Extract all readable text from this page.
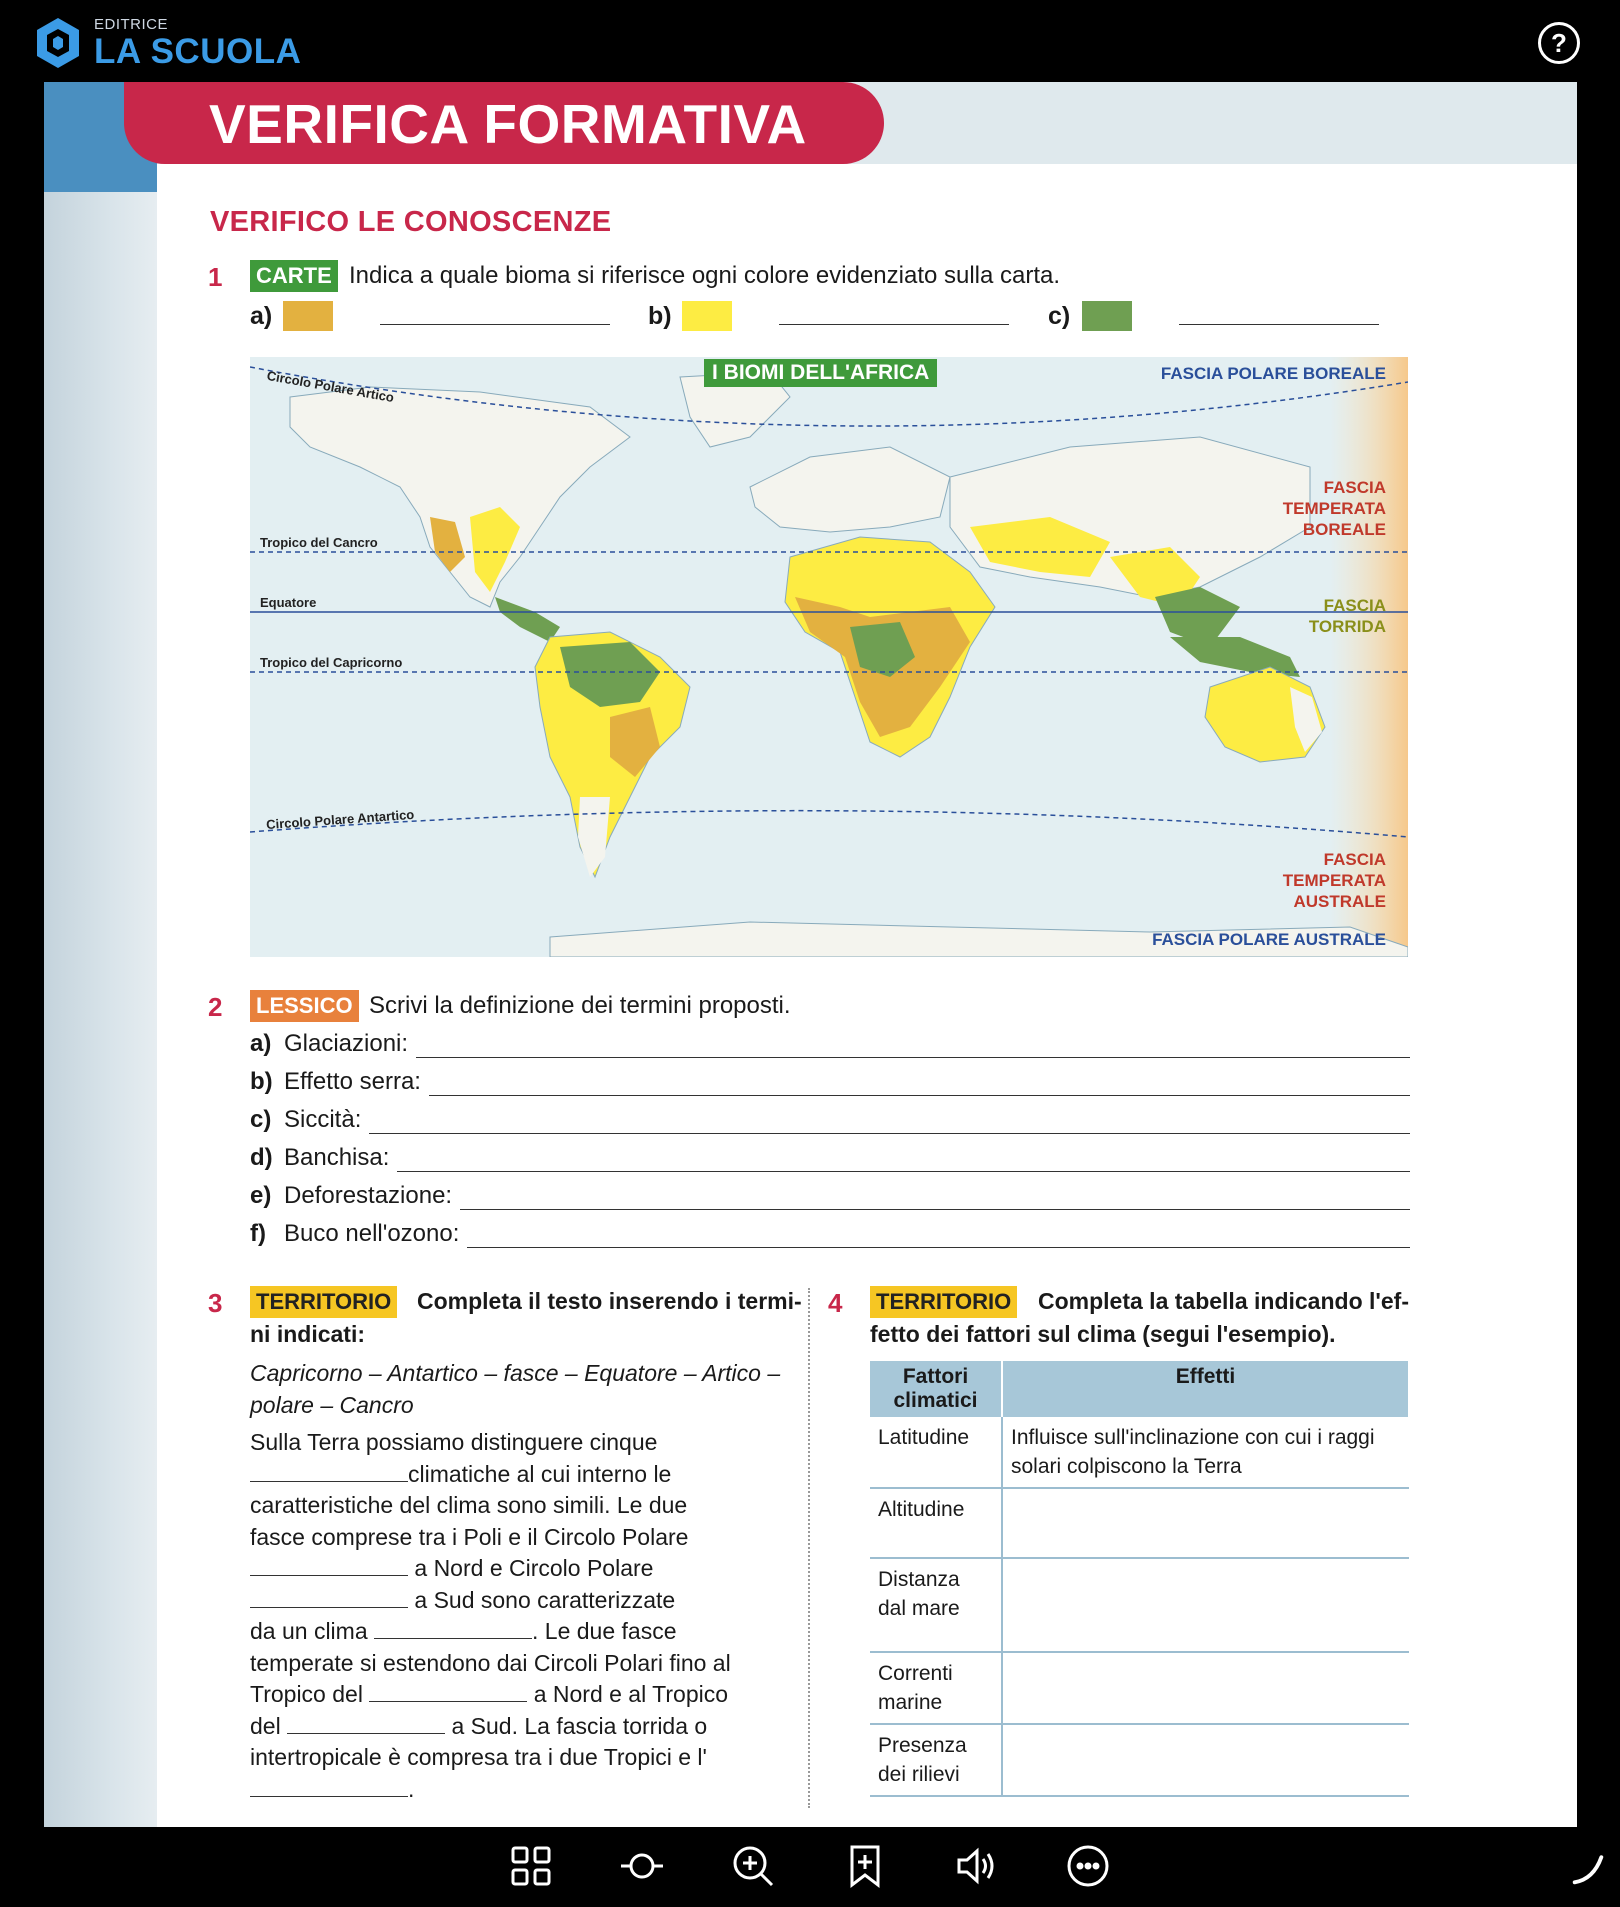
EDITRICE
LA SCUOLA	?
VERIFICA FORMATIVA
VERIFICO LE CONOSCENZE
1 CARTE Indica a quale bioma si riferisce ogni colore evidenziato sulla carta.
a)	b)	c)
I BIOMI DELL'AFRICA
Circolo Polare Artico
Tropico del Cancro
Equatore
Tropico del Capricorno
Circolo Polare Antartico
FASCIA POLARE BOREALE
FASCIA
TEMPERATA
BOREALE
FASCIA
TORRIDA
FASCIA
TEMPERATA
AUSTRALE
FASCIA POLARE AUSTRALE
2 LESSICO Scrivi la definizione dei termini proposti.
a) Glaciazioni:
b) Effetto serra:
c) Siccità:
d) Banchisa:
e) Deforestazione:
f) Buco nell'ozono:
3 TERRITORIO Completa il testo inserendo i termi-
ni indicati:
Capricorno – Antartico – fasce – Equatore – Artico –
polare – Cancro
Sulla Terra possiamo distinguere cinque
climatiche al cui interno le
caratteristiche del clima sono simili. Le due
fasce comprese tra i Poli e il Circolo Polare
a Nord e Circolo Polare
a Sud sono caratterizzate
da un clima	. Le due fasce
temperate si estendono dai Circoli Polari fino al
Tropico del	a Nord e al Tropico
del	a Sud. La fascia torrida o
intertropicale è compresa tra i due Tropici e l'
.
4 TERRITORIO Completa la tabella indicando l'ef-
fetto dei fattori sul clima (segui l'esempio).
Fattori climatici	Effetti
Latitudine	Influisce sull'inclinazione con cui i raggi solari colpiscono la Terra
Altitudine	
Distanza dal mare	
Correnti marine	
Presenza dei rilievi	
